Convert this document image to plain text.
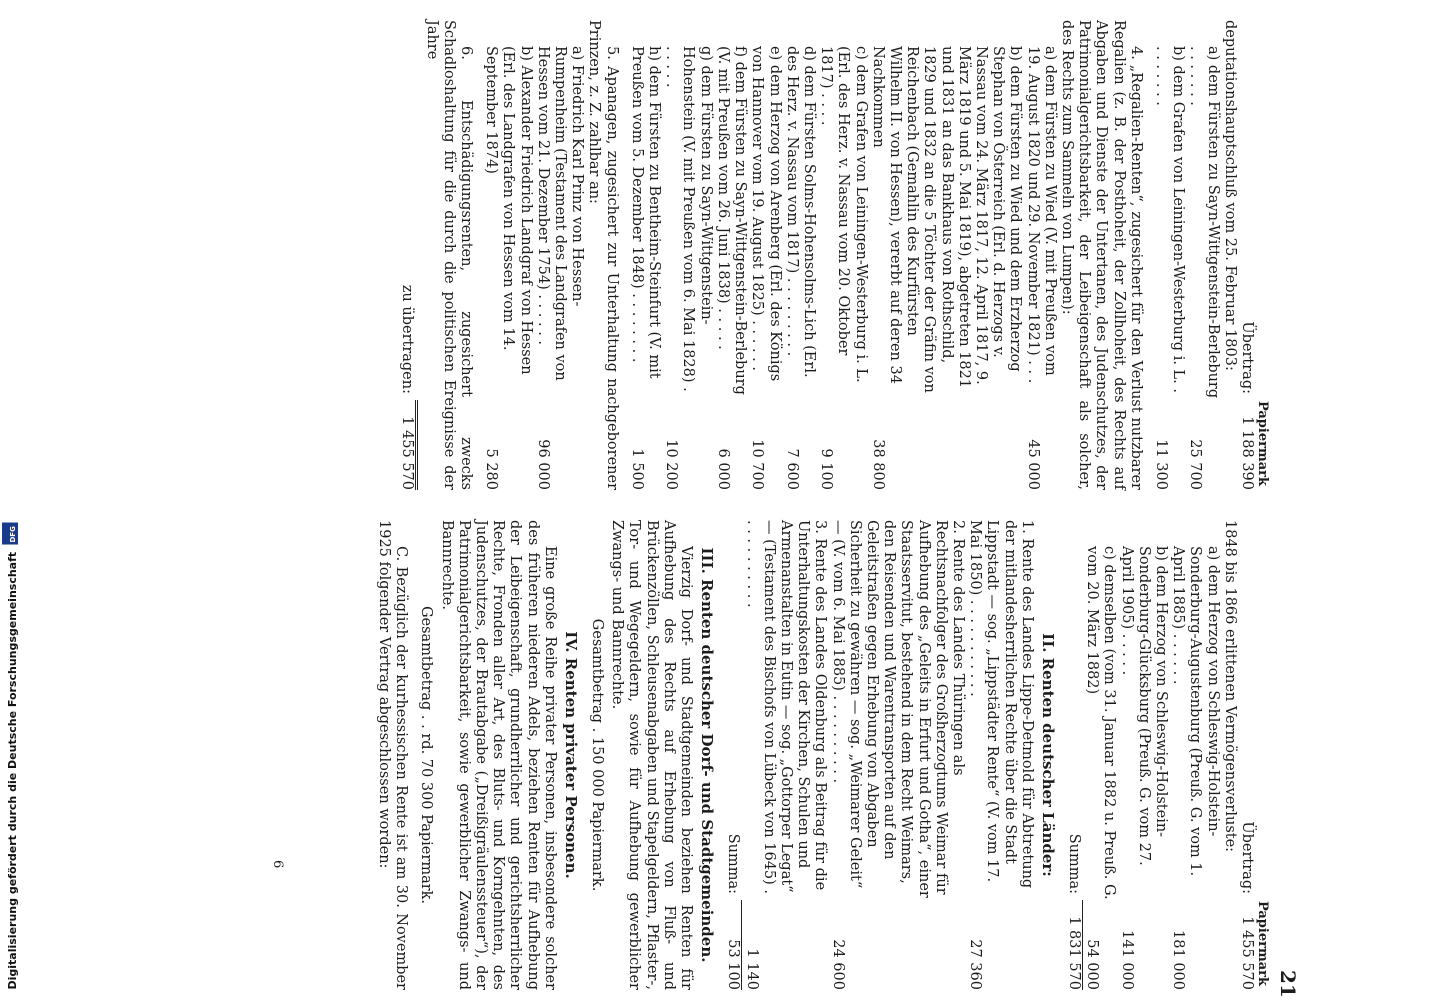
21
Papiermark
Übertrag:
1 188 390

deputationshauptschluß vom 25. Februar 1803:

a) dem Fürsten zu Sayn-Wittgenstein-Berleburg . . . . . . .
25 700
b) dem Grafen von Leiningen-Westerburg i. L. . . . . . . . .
11 300

4. „Regalien-Renten“, zugesichert für den Verlust nutzbarer Regalien (z. B. der Posthoheit, der Zollhoheit, des Rechts auf Abgaben und Dienste der Untertanen, des Judenschutzes, der Patrimonialgerichtsbarkeit, der Leibeigenschaft als solcher, des Rechts zum Sammeln von Lumpen):

a) dem Fürsten zu Wied (V. mit Preußen vom 19. August 1820 und 29. November 1821) . . .
45 000
b) dem Fürsten zu Wied und dem Erzherzog Stephan von Österreich (Erl. d. Herzogs v. Nassau vom 24. März 1817, 12. April 1817, 9. März 1819 und 5. Mai 1819), abgetreten 1821 und 1831 an das Bankhaus von Rothschild, 1829 und 1832 an die 5 Töchter der Gräfin von Reichenbach (Gemahlin des Kurfürsten Wilhelm II. von Hessen), vererbt auf deren 34 Nachkommen
38 800
c) dem Grafen von Leiningen-Westerburg i. L. (Erl. des Herz. v. Nassau vom 20. Oktober 1817) . . . .
9 100
d) dem Fürsten Solms-Hohensolms-Lich (Erl. des Herz. v. Nassau vom 1817) . . . . . . . . .
7 600
e) dem Herzog von Arenberg (Erl. des Königs von Hannover vom 19. August 1825) . . . . . .
10 700
f) dem Fürsten zu Sayn-Wittgenstein-Berleburg (V. mit Preußen vom 26. Juni 1838) . . . . .
6 000
g) dem Fürsten zu Sayn-Wittgenstein-Hohenstein (V. mit Preußen vom 6. Mai 1828) . . . . . .
10 200
h) dem Fürsten zu Bentheim-Steinfurt (V. mit Preußen vom 5. Dezember 1848) . . . . . . . .
1 500

5. Apanagen, zugesichert zur Unterhaltung nachgeborener Prinzen, z. Z. zahlbar an:

a) Friedrich Karl Prinz von Hessen-Rumpenheim (Testament des Landgrafen von Hessen vom 21. Dezember 1754) . . . . . .
96 000
b) Alexander Friedrich Landgraf von Hessen (Erl. des Landgrafen von Hessen vom 14. September 1874)
5 280

6. Entschädigungsrenten, zugesichert zwecks Schadloshaltung für die durch die politischen Ereignisse der Jahre

zu übertragen:
1 455 570
Papiermark
Übertrag:
1 455 570

1848 bis 1866 erlittenen Vermögensverluste:

a) dem Herzog von Schleswig-Holstein-Sonderburg-Augustenburg (Preuß. G. vom 1. April 1885) . . . . . .
181 000
b) dem Herzog von Schleswig-Holstein-Sonderburg-Glücksburg (Preuß. G. vom 27. April 1905) . . . . .
141 000
c) demselben (vom 31. Januar 1882 u. Preuß. G. vom 20. März 1882)
54 000
Summa:
1 831 570
II. Renten deutscher Länder:
1. Rente des Landes Lippe-Detmold für Abtretung der mitlandesherrlichen Rechte über die Stadt Lippstadt — sog. „Lippstädter Rente“ (V. vom 17. Mai 1850) . . . . . . . . . . .
27 360
2. Rente des Landes Thüringen als Rechtsnachfolger des Großherzogtums Weimar für Aufhebung des „Geleits in Erfurt und Gotha“, einer Staatsservitut, bestehend in dem Recht Weimars, den Reisenden und Warentransporten auf den Geleitstraßen gegen Erhebung von Abgaben Sicherheit zu gewähren — sog. „Weimarer Geleit“ — (V. vom 6. Mai 1885) . . . . . . . . . .
24 600
3. Rente des Landes Oldenburg als Beitrag für die Unterhaltungskosten der Kirchen, Schulen und Armenanstalten in Eutin — sog. „Gottorper Legat“ — (Testament des Bischofs von Lübeck von 1645) . . . . . . . . . . .
1 140
Summa:
53 100
III. Renten deutscher Dorf- und Stadtgemeinden.

Vierzig Dorf- und Stadtgemeinden beziehen Renten für Aufhebung des Rechts auf Erhebung von Fluß- und Brückenzöllen, Schleusenabgaben und Stapelgeldern, Pflaster-, Tor- und Wegegeldern, sowie für Aufhebung gewerblicher Zwangs- und Bannrechte.

Gesamtbetrag . 150 000 Papiermark.

IV. Renten privater Personen.

Eine große Reihe privater Personen, insbesondere solcher des früheren niederen Adels, beziehen Renten für Aufhebung der Leibeigenschaft, grundherrlicher und gerichtsherrlicher Rechte, Fronden aller Art, des Bluts- und Korngehnten, des Judenschutzes, der Brautabgabe („Dreißigräulenssteuer“), der Patrimonialgerichtsbarkeit, sowie gewerblicher Zwangs- und Bannrechte.

Gesamtbetrag . . rd. 70 300 Papiermark.

C. Bezüglich der kurhessischen Rente ist am 30. November 1925 folgender Vertrag abgeschlossen worden:

6
Digitalisierung gefördert durch die Deutsche Forschungsgemeinschaft DFG
